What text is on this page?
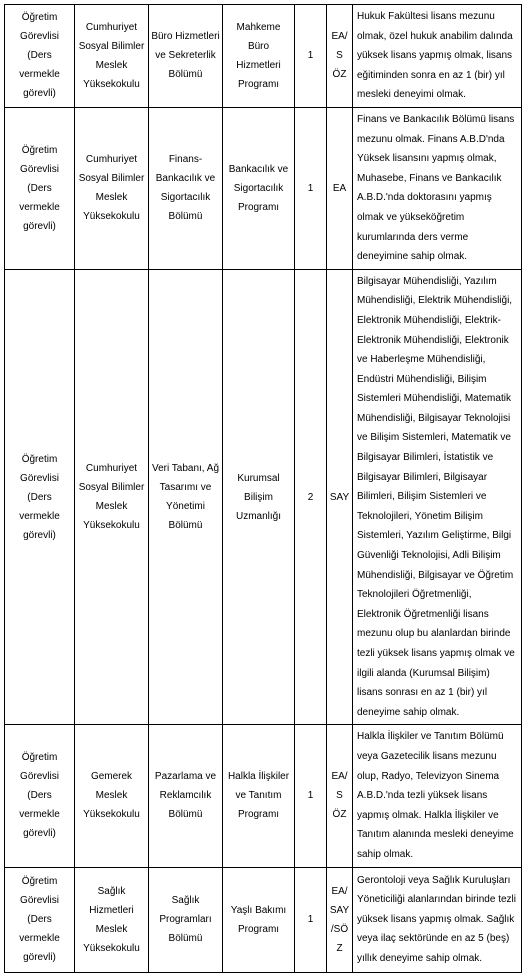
Öğretim Görevlisi (Ders vermekle görevli)	Cumhuriyet Sosyal Bilimler Meslek Yüksekokulu	Büro Hizmetleri ve Sekreterlik Bölümü	Mahkeme Büro Hizmetleri Programı	1	EA/S ÖZ	Hukuk Fakültesi lisans mezunu olmak, özel hukuk anabilim dalında yüksek lisans yapmış olmak, lisans eğitiminden sonra en az 1 (bir) yıl mesleki deneyimi olmak.
Öğretim Görevlisi (Ders vermekle görevli)	Cumhuriyet Sosyal Bilimler Meslek Yüksekokulu	Finans-Bankacılık ve Sigortacılık Bölümü	Bankacılık ve Sigortacılık Programı	1	EA	Finans ve Bankacılık Bölümü lisans mezunu olmak. Finans A.B.D'nda Yüksek lisansını yapmış olmak, Muhasebe, Finans ve Bankacılık A.B.D.'nda doktorasını yapmış olmak ve yükseköğretim kurumlarında ders verme deneyimine sahip olmak.
Öğretim Görevlisi (Ders vermekle görevli)	Cumhuriyet Sosyal Bilimler Meslek Yüksekokulu	Veri Tabanı, Ağ Tasarımı ve Yönetimi Bölümü	Kurumsal Bilişim Uzmanlığı	2	SAY	Bilgisayar Mühendisliği, Yazılım Mühendisliği, Elektrik Mühendisliği, Elektronik Mühendisliği, Elektrik- Elektronik Mühendisliği, Elektronik ve Haberleşme Mühendisliği, Endüstri Mühendisliği, Bilişim Sistemleri Mühendisliği, Matematik Mühendisliği, Bilgisayar Teknolojisi ve Bilişim Sistemleri, Matematik ve Bilgisayar Bilimleri, İstatistik ve Bilgisayar Bilimleri, Bilgisayar Bilimleri, Bilişim Sistemleri ve Teknolojileri, Yönetim Bilişim Sistemleri, Yazılım Geliştirme, Bilgi Güvenliği Teknolojisi, Adli Bilişim Mühendisliği, Bilgisayar ve Öğretim Teknolojileri Öğretmenliği, Elektronik Öğretmenliği lisans mezunu olup bu alanlardan birinde tezli yüksek lisans yapmış olmak ve ilgili alanda (Kurumsal Bilişim) lisans sonrası en az 1 (bir) yıl deneyime sahip olmak.
Öğretim Görevlisi (Ders vermekle görevli)	Gemerek Meslek Yüksekokulu	Pazarlama ve Reklamcılık Bölümü	Halkla İlişkiler ve Tanıtım Programı	1	EA/S ÖZ	Halkla İlişkiler ve Tanıtım Bölümü veya Gazetecilik lisans mezunu olup, Radyo, Televizyon Sinema A.B.D.'nda tezli yüksek lisans yapmış olmak. Halkla İlişkiler ve Tanıtım alanında mesleki deneyime sahip olmak.
Öğretim Görevlisi (Ders vermekle görevli)	Sağlık Hizmetleri Meslek Yüksekokulu	Sağlık Programları Bölümü	Yaşlı Bakımı Programı	1	EA/SAY /SÖZ	Gerontoloji veya Sağlık Kuruluşları Yöneticiliği alanlarından birinde tezli yüksek lisans yapmış olmak. Sağlık veya ilaç sektöründe en az 5 (beş) yıllık deneyime sahip olmak.
